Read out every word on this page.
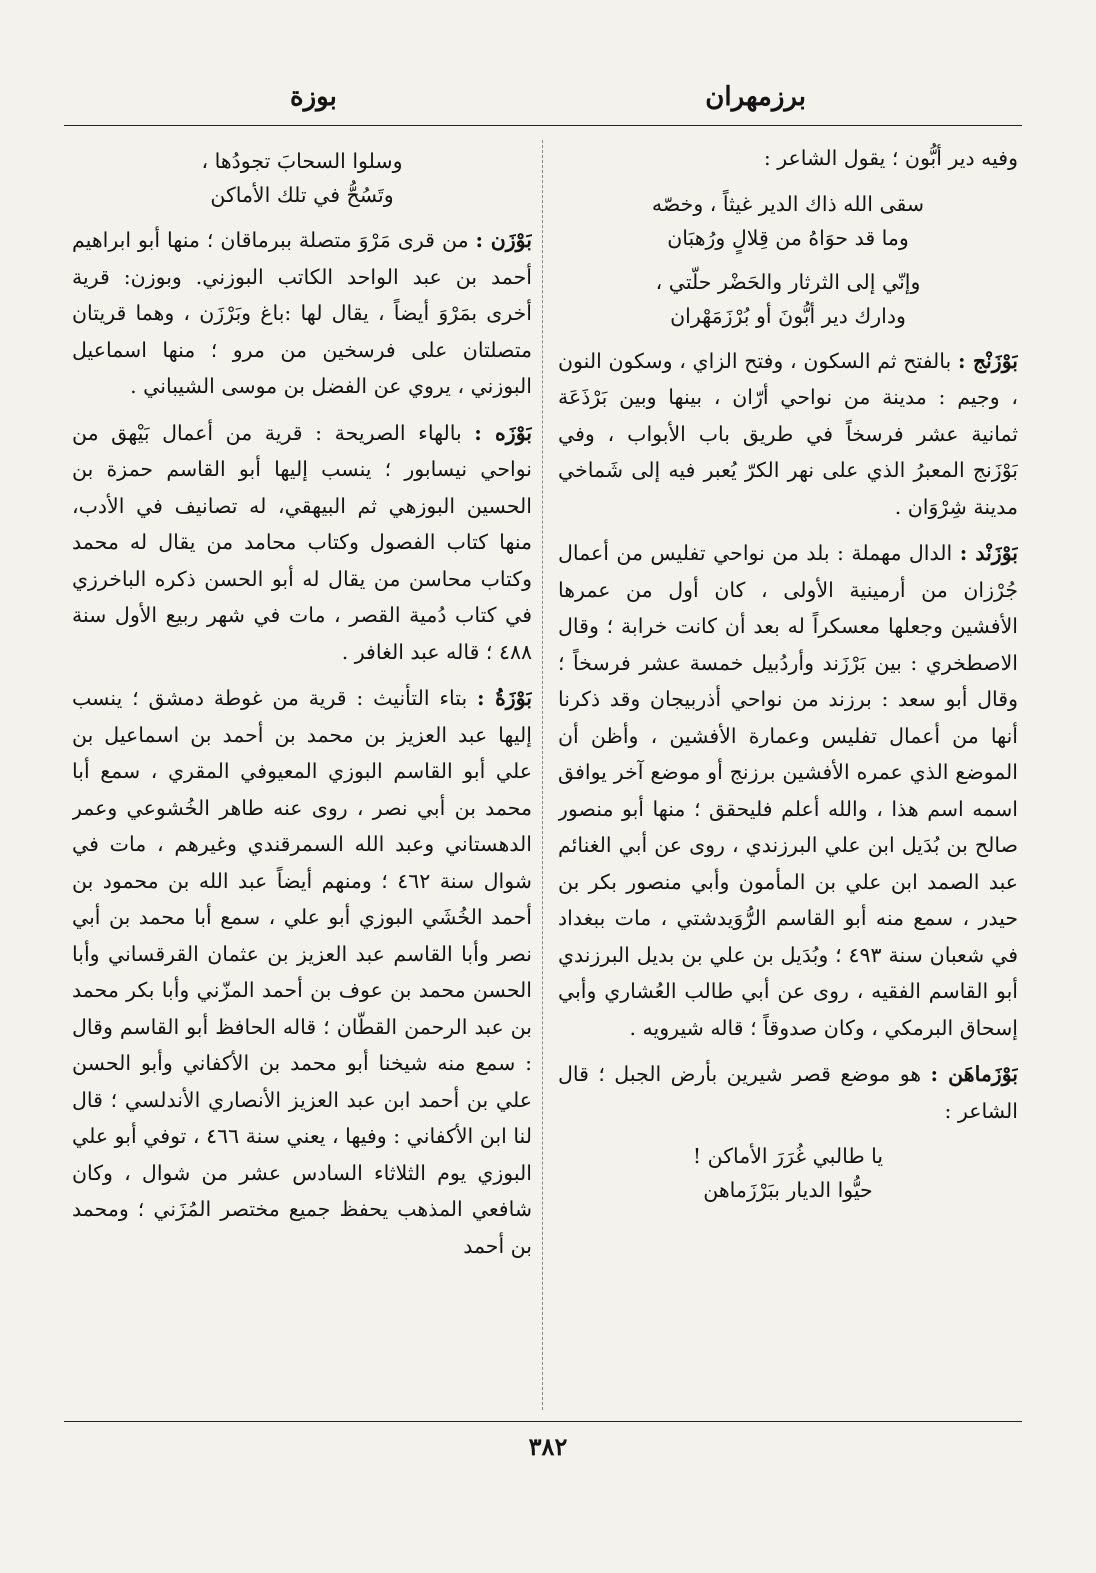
برزمهران
بوزة

وفيه دير أبُّون ؛ يقول الشاعر :

سقى الله ذاك الدير غيثاً ، وخصّه
وما قد حوَاهُ من قِلالٍ ورُهبَان
وإنّي إلى الثرثار والحَضْر حلّتي ،
ودارك دير أبُّونَ أو بُرْزَمَهْران

بَوْزَنْج : بالفتح ثم السكون ، وفتح الزاي ، وسكون النون ، وجيم : مدينة من نواحي أرّان ، بينها وبين بَرْذَعَة ثمانية عشر فرسخاً في طريق باب الأبواب ، وفي بَوْزَنج المعبرُ الذي على نهر الكرّ يُعبر فيه إلى شَماخي مدينة شِرْوَان .

بَوْزَنْد : الدال مهملة : بلد من نواحي تفليس من أعمال جُرْزان من أرمينية الأولى ، كان أول من عمرها الأفشين وجعلها معسكراً له بعد أن كانت خرابة ؛ وقال الاصطخري : بين بَرْزَند وأردُبيل خمسة عشر فرسخاً ؛ وقال أبو سعد : برزند من نواحي أذربيجان وقد ذكرنا أنها من أعمال تفليس وعمارة الأفشين ، وأظن أن الموضع الذي عمره الأفشين برزنج أو موضع آخر يوافق اسمه اسم هذا ، والله أعلم فليحقق ؛ منها أبو منصور صالح بن بُدَيل ابن علي البرزندي ، روى عن أبي الغنائم عبد الصمد ابن علي بن المأمون وأبي منصور بكر بن حيدر ، سمع منه أبو القاسم الرُّوَيدشتي ، مات ببغداد في شعبان سنة ٤٩٣ ؛ وبُدَيل بن علي بن بديل البرزندي أبو القاسم الفقيه ، روى عن أبي طالب العُشاري وأبي إسحاق البرمكي ، وكان صدوقاً ؛ قاله شيرويه .

بَوْزَماهَن : هو موضع قصر شيرين بأرض الجبل ؛ قال الشاعر :

يا طالبي غُرَرَ الأماكن !
حيُّوا الديار ببَرْزَماهن
وسلوا السحابَ تجودُها ،
وتَسُحُّ في تلك الأماكن

بَوْزَن : من قرى مَرْوَ متصلة ببرماقان ؛ منها أبو ابراهيم أحمد بن عبد الواحد الكاتب البوزني. وبوزن: قرية أخرى بمَرْوَ أيضاً ، يقال لها :باغ وبَرْزَن ، وهما قريتان متصلتان على فرسخين من مرو ؛ منها اسماعيل البوزني ، يروي عن الفضل بن موسى الشيباني .

بَوْزَه : بالهاء الصريحة : قرية من أعمال بَيْهق من نواحي نيسابور ؛ ينسب إليها أبو القاسم حمزة بن الحسين البوزهي ثم البيهقي، له تصانيف في الأدب، منها كتاب الفصول وكتاب محامد من يقال له محمد وكتاب محاسن من يقال له أبو الحسن ذكره الباخرزي في كتاب دُمية القصر ، مات في شهر ربيع الأول سنة ٤٨٨ ؛ قاله عبد الغافر .

بَوْزَةُ : بتاء التأنيث : قرية من غوطة دمشق ؛ ينسب إليها عبد العزيز بن محمد بن أحمد بن اسماعيل بن علي أبو القاسم البوزي المعيوفي المقري ، سمع أبا محمد بن أبي نصر ، روى عنه طاهر الخُشوعي وعمر الدهستاني وعبد الله السمرقندي وغيرهم ، مات في شوال سنة ٤٦٢ ؛ ومنهم أيضاً عبد الله بن محمود بن أحمد الخُشَي البوزي أبو علي ، سمع أبا محمد بن أبي نصر وأبا القاسم عبد العزيز بن عثمان القرقساني وأبا الحسن محمد بن عوف بن أحمد المزّني وأبا بكر محمد بن عبد الرحمن القطّان ؛ قاله الحافظ أبو القاسم وقال : سمع منه شيخنا أبو محمد بن الأكفاني وأبو الحسن علي بن أحمد ابن عبد العزيز الأنصاري الأندلسي ؛ قال لنا ابن الأكفاني : وفيها ، يعني سنة ٤٦٦ ، توفي أبو علي البوزي يوم الثلاثاء السادس عشر من شوال ، وكان شافعي المذهب يحفظ جميع مختصر المُزَني ؛ ومحمد بن أحمد

٣٨٢
